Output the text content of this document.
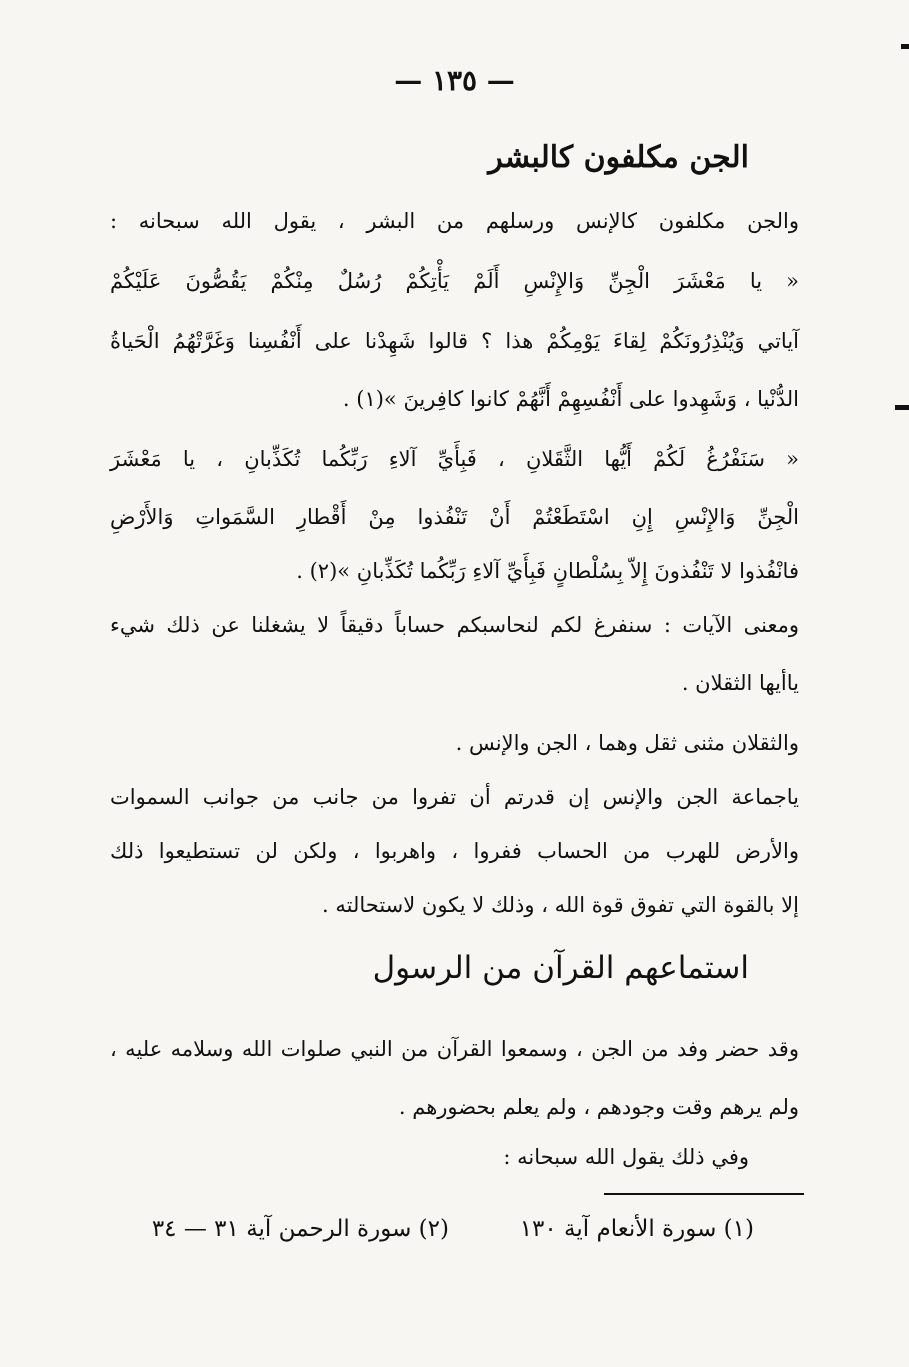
— ١٣٥ —
الجن مكلفون كالبشر
والجن مكلفون كالإنس ورسلهم من البشر ، يقول الله سبحانه :
« يا مَعْشَرَ الْجِنِّ وَالإِنْسِ أَلَمْ يَأْتِكُمْ رُسُلٌ مِنْكُمْ يَقُصُّونَ عَلَيْكُمْ
آياتي وَيُنْذِرُونَكُمْ لِقاءَ يَوْمِكُمْ هذا ؟ قالوا شَهِدْنا على أَنْفُسِنا وَغَرَّتْهُمُ الْحَياةُ
الدُّنْيا ، وَشَهِدوا على أَنْفُسِهِمْ أَنَّهُمْ كانوا كافِرينَ »(١) .
« سَنَفْرُغُ لَكُمْ أَيُّها الثَّقَلانِ ، فَبِأَيِّ آلاءِ رَبِّكُما تُكَذِّبانِ ، يا مَعْشَرَ
الْجِنِّ وَالإِنْسِ إِنِ اسْتَطَعْتُمْ أَنْ تَنْفُذوا مِنْ أَقْطارِ السَّمَواتِ وَالأَرْضِ
فانْفُذوا لا تَنْفُذونَ إِلاّ بِسُلْطانٍ فَبِأَيِّ آلاءِ رَبِّكُما تُكَذِّبانِ »(٢) .
ومعنى الآيات : سنفرغ لكم لنحاسبكم حساباً دقيقاً لا يشغلنا عن ذلك شيء
ياأيها الثقلان .
والثقلان مثنى ثقل وهما ، الجن والإنس .
ياجماعة الجن والإنس إن قدرتم أن تفروا من جانب من جوانب السموات
والأرض للهرب من الحساب ففروا ، واهربوا ، ولكن لن تستطيعوا ذلك
إلا بالقوة التي تفوق قوة الله ، وذلك لا يكون لاستحالته .
استماعهم القرآن من الرسول
وقد حضر وفد من الجن ، وسمعوا القرآن من النبي صلوات الله وسلامه عليه ،
ولم يرهم وقت وجودهم ، ولم يعلم بحضورهم .
وفي ذلك يقول الله سبحانه :
(١) سورة الأنعام آية ١٣٠
(٢) سورة الرحمن آية ٣١ — ٣٤
